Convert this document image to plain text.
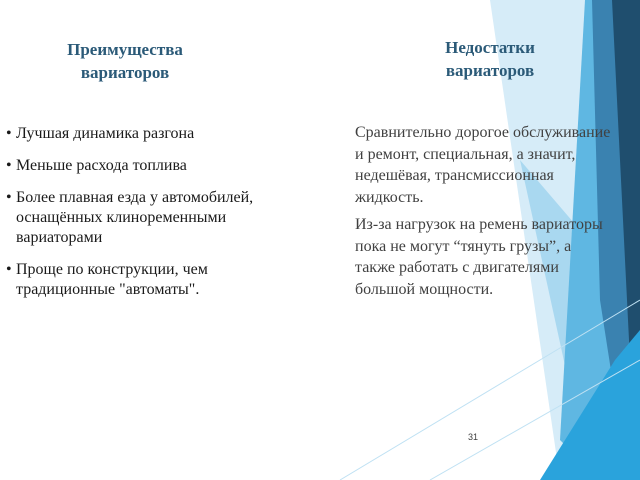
Преимущества вариаторов
• Лучшая динамика разгона
• Меньше расхода топлива
• Более плавная езда у автомобилей, оснащённых клиноременными вариаторами
• Проще по конструкции, чем традиционные "автоматы".
Недостатки вариаторов

Сравнительно дорогое обслуживание и ремонт, специальная, а значит, недешёвая, трансмиссионная жидкость.

Из-за нагрузок на ремень вариаторы пока не могут “тянуть грузы”, а также работать с двигателями большой мощности.

31
